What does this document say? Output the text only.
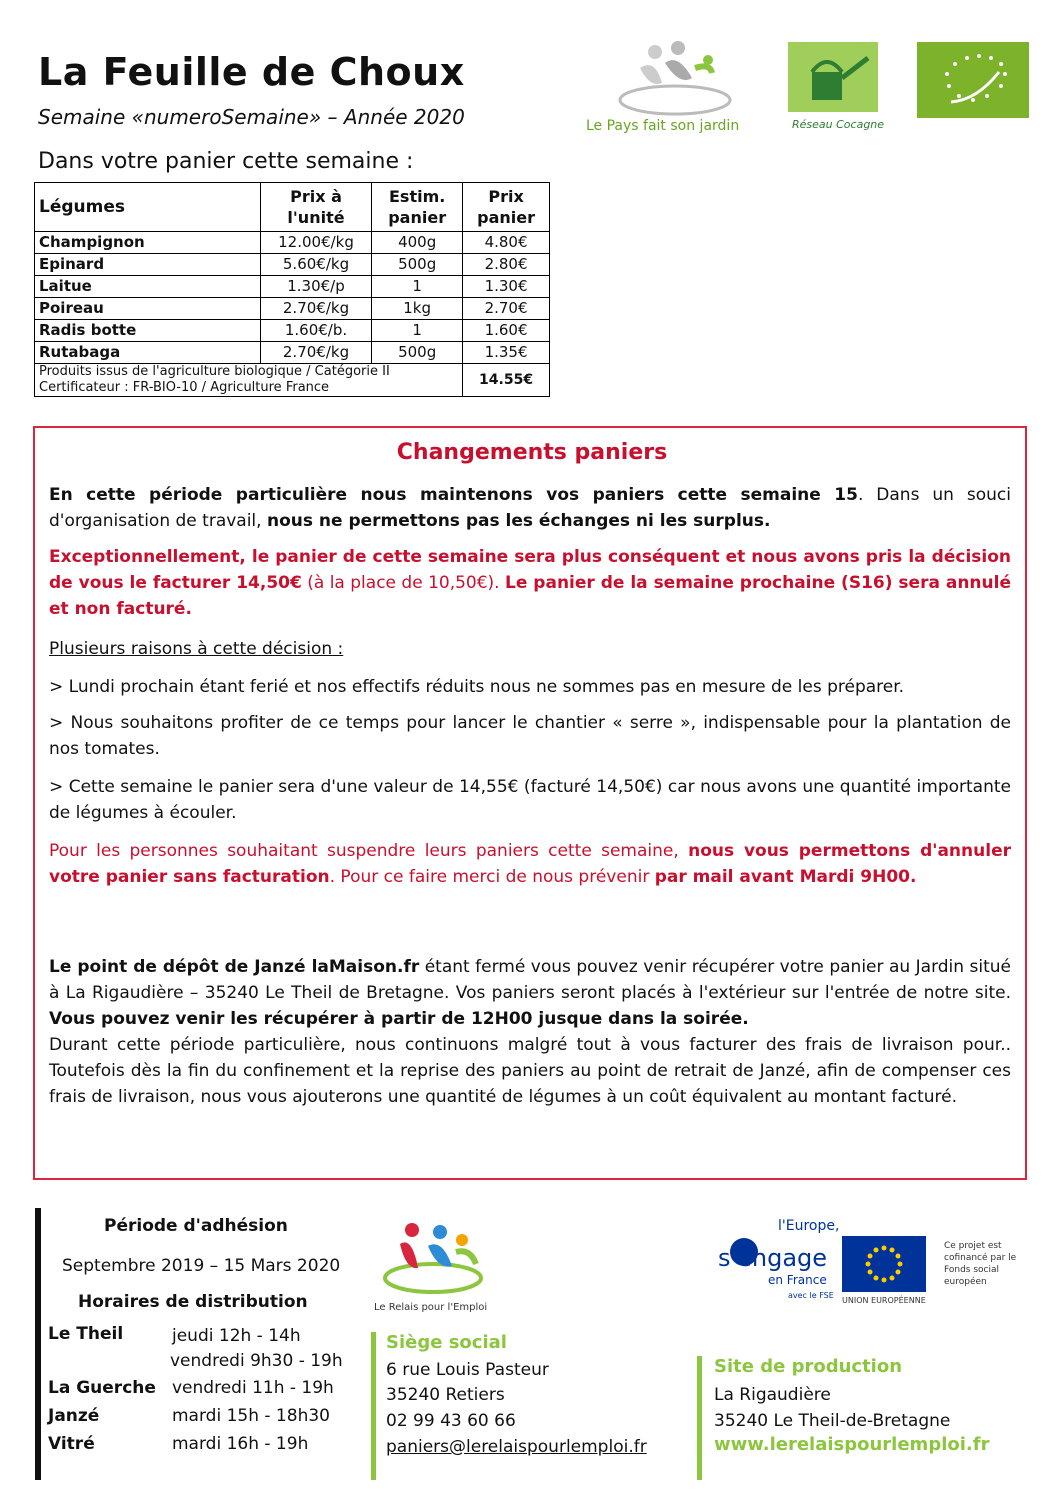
La Feuille de Choux
Semaine «numeroSemaine» – Année 2020
Dans votre panier cette semaine :
Le Pays fait son jardin	Réseau Cocagne
Légumes	Prix à l'unité	Estim. panier	Prix panier
Champignon	12.00€/kg	400g	4.80€
Epinard	5.60€/kg	500g	2.80€
Laitue	1.30€/p	1	1.30€
Poireau	2.70€/kg	1kg	2.70€
Radis botte	1.60€/b.	1	1.60€
Rutabaga	2.70€/kg	500g	1.35€

Produits issus de l'agriculture biologique / Catégorie II
Certificateur : FR-BIO-10 / Agriculture France			14.55€
Changements paniers
En cette période particulière nous maintenons vos paniers cette semaine 15. Dans un souci d'organisation de travail, nous ne permettons pas les échanges ni les surplus.
Exceptionnellement, le panier de cette semaine sera plus conséquent et nous avons pris la décision de vous le facturer 14,50€ (à la place de 10,50€). Le panier de la semaine prochaine (S16) sera annulé et non facturé.
Plusieurs raisons à cette décision :
> Lundi prochain étant ferié et nos effectifs réduits nous ne sommes pas en mesure de les préparer.
> Nous souhaitons profiter de ce temps pour lancer le chantier « serre », indispensable pour la plantation de nos tomates.
> Cette semaine le panier sera d'une valeur de 14,55€ (facturé 14,50€) car nous avons une quantité importante de légumes à écouler.
Pour les personnes souhaitant suspendre leurs paniers cette semaine, nous vous permettons d'annuler votre panier sans facturation. Pour ce faire merci de nous prévenir par mail avant Mardi 9H00.
Le point de dépôt de Janzé laMaison.fr étant fermé vous pouvez venir récupérer votre panier au Jardin situé à La Rigaudière – 35240 Le Theil de Bretagne. Vos paniers seront placés à l'extérieur sur l'entrée de notre site. Vous pouvez venir les récupérer à partir de 12H00 jusque dans la soirée.
Durant cette période particulière, nous continuons malgré tout à vous facturer des frais de livraison pour.. Toutefois dès la fin du confinement et la reprise des paniers au point de retrait de Janzé, afin de compenser ces frais de livraison, nous vous ajouterons une quantité de légumes à un coût équivalent au montant facturé.
Période d'adhésion
Septembre 2019 – 15 Mars 2020
Horaires de distribution
Le Theil	jeudi 12h - 14h
vendredi 9h30 - 19h
La Guerche vendredi 11h - 19h
Janzé	mardi 15h - 18h30
Vitré	mardi 16h - 19h
Le Relais pour l'Emploi
Siège social
6 rue Louis Pasteur
35240 Retiers
02 99 43 60 66
paniers@lerelaispourlemploi.fr
l'Europe,
s'engage
en France
avec le FSE
UNION EUROPÉENNE
Ce projet est cofinancé par le Fonds social européen
Site de production
La Rigaudière
35240 Le Theil-de-Bretagne
www.lerelaispourlemploi.fr
